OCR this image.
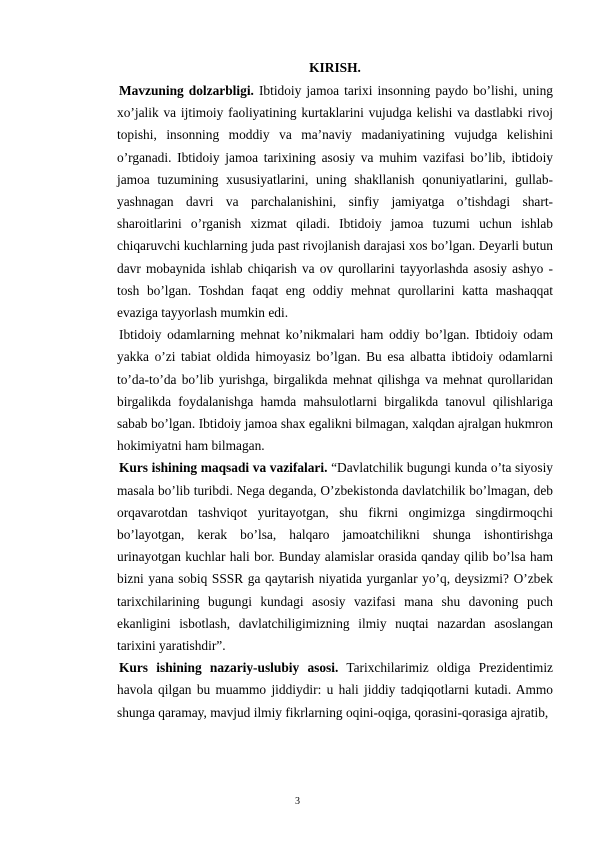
KIRISH.

Mavzuning dolzarbligi. Ibtidoiy jamoa tarixi insonning paydo bo’lishi, uning xo’jalik va ijtimoiy faoliyatining kurtaklarini vujudga kelishi va dastlabki rivoj topishi, insonning moddiy va ma’naviy madaniyatining vujudga kelishini o’rganadi. Ibtidoiy jamoa tarixining asosiy va muhim vazifasi bo’lib, ibtidoiy jamoa tuzumining xususiyatlarini, uning shakllanish qonuniyatlarini, gullab-yashnagan davri va parchalanishini, sinfiy jamiyatga o’tishdagi shart-sharoitlarini o’rganish xizmat qiladi. Ibtidoiy jamoa tuzumi uchun ishlab chiqaruvchi kuchlarning juda past rivojlanish darajasi xos bo’lgan. Deyarli butun davr mobaynida ishlab chiqarish va ov qurollarini tayyorlashda asosiy ashyo - tosh bo’lgan. Toshdan faqat eng oddiy mehnat qurollarini katta mashaqqat evaziga tayyorlash mumkin edi.

Ibtidoiy odamlarning mehnat ko’nikmalari ham oddiy bo’lgan. Ibtidoiy odam yakka o’zi tabiat oldida himoyasiz bo’lgan. Bu esa albatta ibtidoiy odamlarni to’da-to’da bo’lib yurishga, birgalikda mehnat qilishga va mehnat qurollaridan birgalikda foydalanishga hamda mahsulotlarni birgalikda tanovul qilishlariga sabab bo’lgan. Ibtidoiy jamoa shax egalikni bilmagan, xalqdan ajralgan hukmron hokimiyatni ham bilmagan.

Kurs ishining maqsadi va vazifalari. “Davlatchilik bugungi kunda o’ta siyosiy masala bo’lib turibdi. Nega deganda, O’zbekistonda davlatchilik bo’lmagan, deb orqavarotdan tashviqot yuritayotgan, shu fikrni ongimizga singdirmoqchi bo’layotgan, kerak bo’lsa, halqaro jamoatchilikni shunga ishontirishga urinayotgan kuchlar hali bor. Bunday alamislar orasida qanday qilib bo’lsa ham bizni yana sobiq SSSR ga qaytarish niyatida yurganlar yo’q, deysizmi? O’zbek tarixchilarining bugungi kundagi asosiy vazifasi mana shu davoning puch ekanligini isbotlash, davlatchiligimizning ilmiy nuqtai nazardan asoslangan tarixini yaratishdir”.

Kurs ishining nazariy-uslubiy asosi. Tarixchilarimiz oldiga Prezidentimiz havola qilgan bu muammo jiddiydir: u hali jiddiy tadqiqotlarni kutadi. Ammo shunga qaramay, mavjud ilmiy fikrlarning oqini-oqiga, qorasini-qorasiga ajratib,

3
